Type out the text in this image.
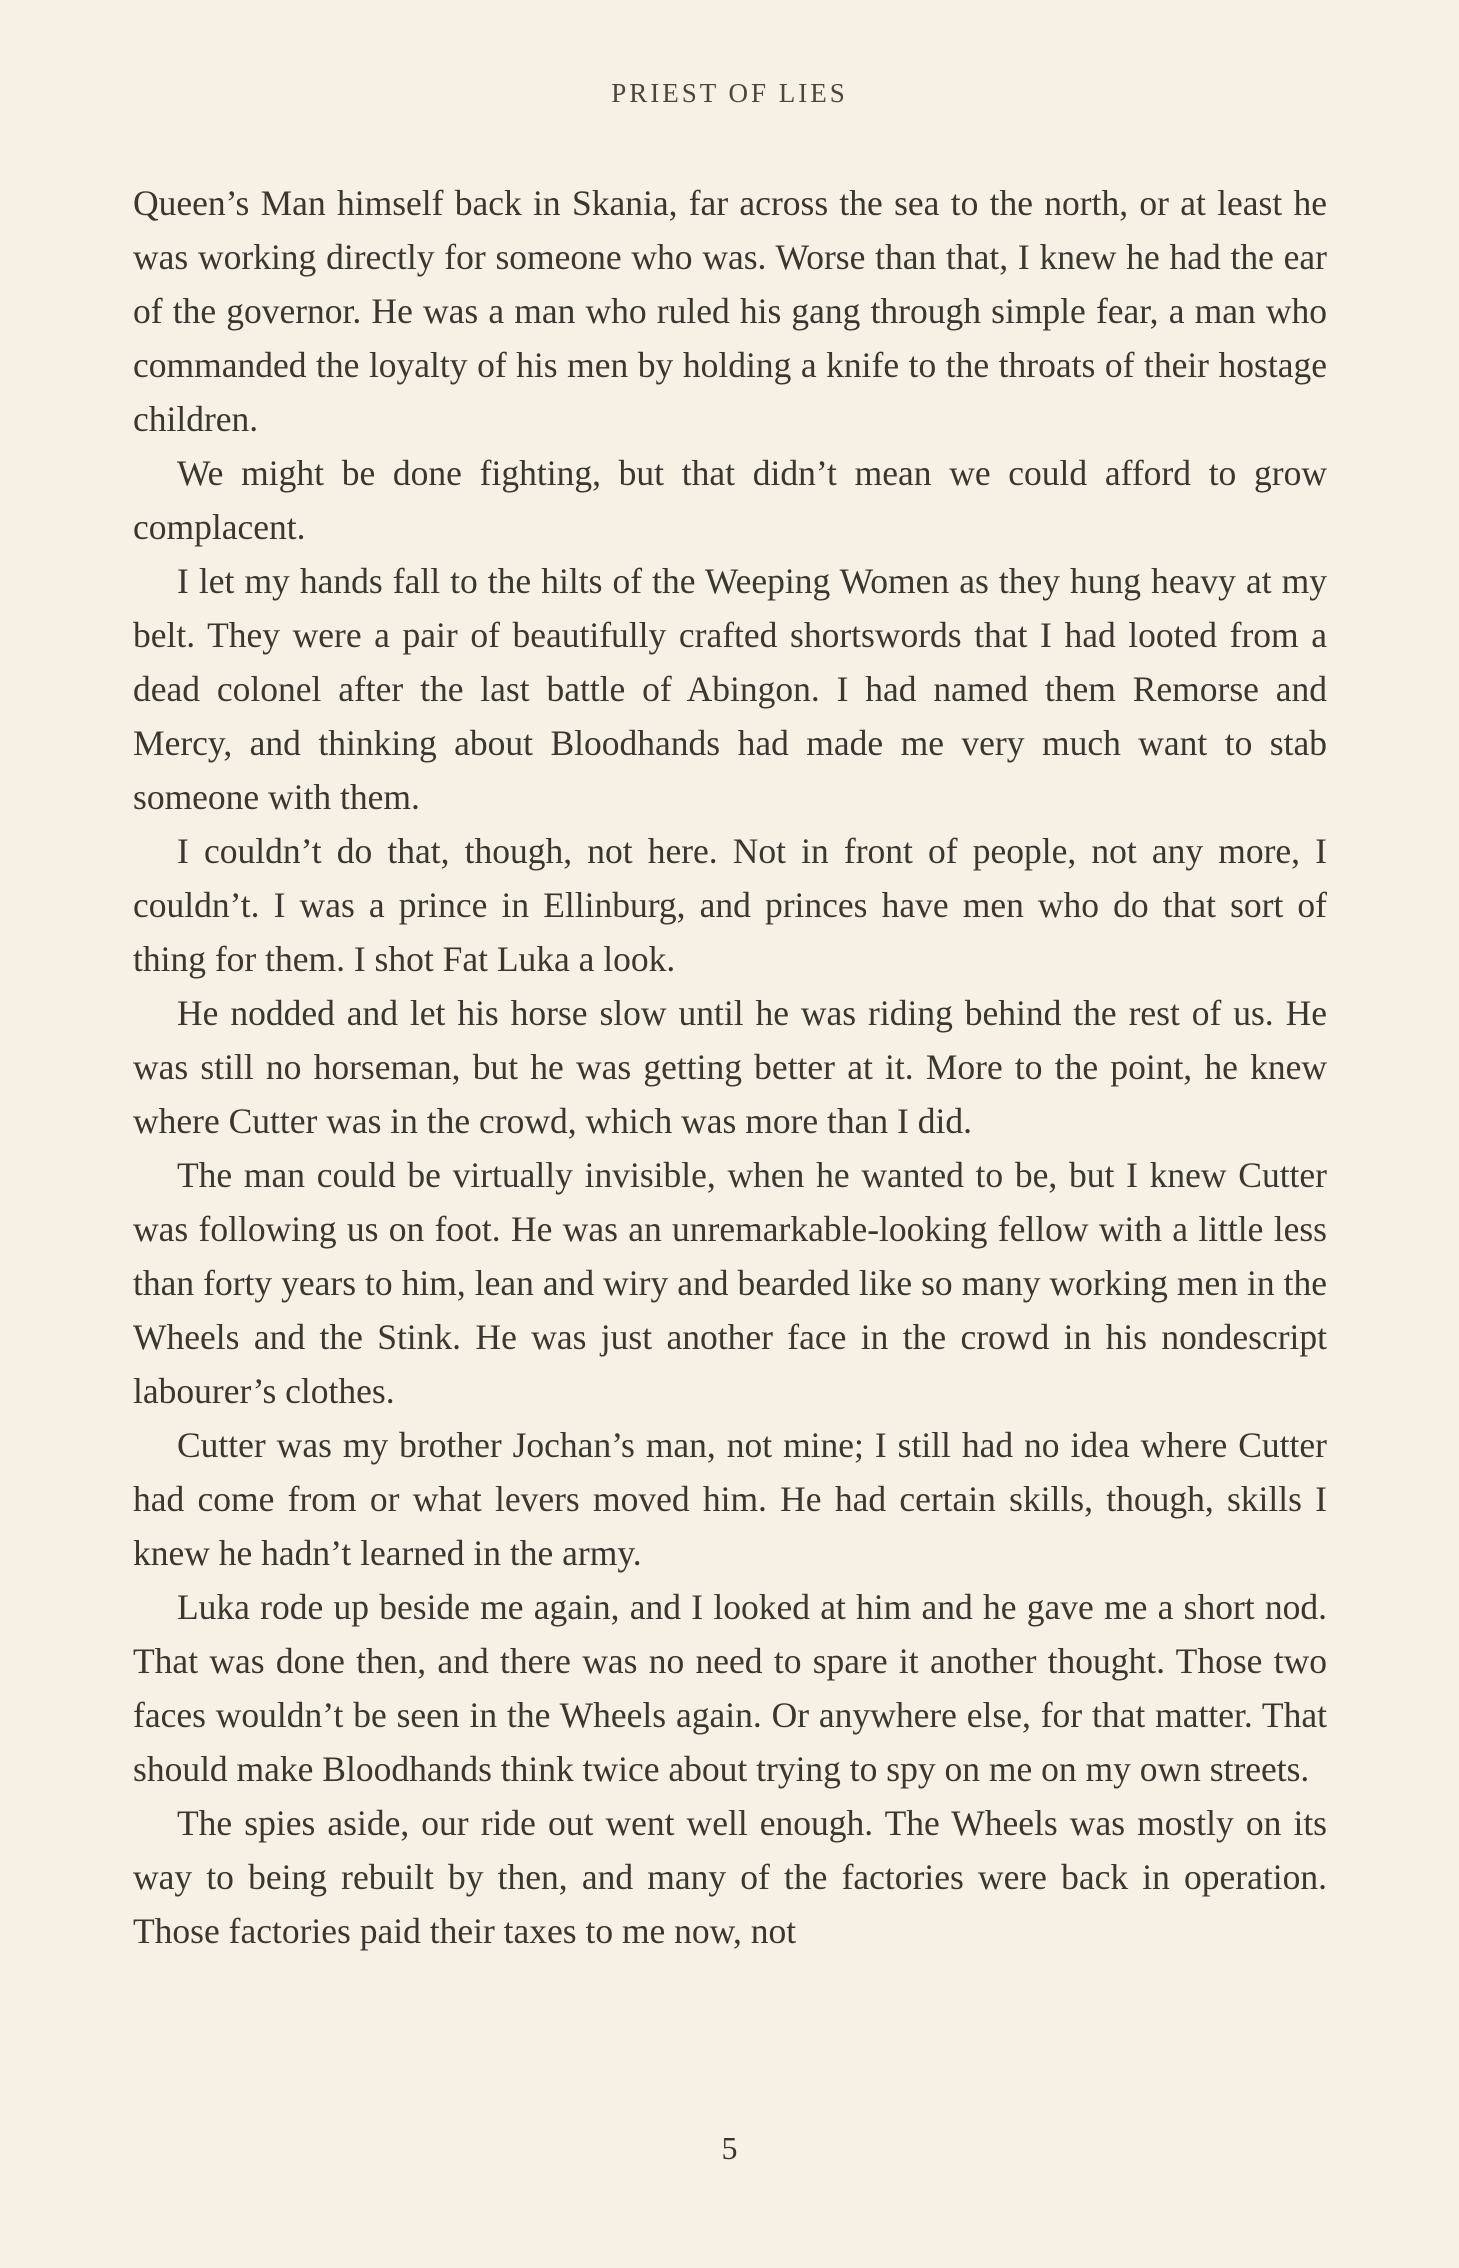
PRIEST OF LIES

Queen’s Man himself back in Skania, far across the sea to the north, or at least he was working directly for someone who was. Worse than that, I knew he had the ear of the governor. He was a man who ruled his gang through simple fear, a man who commanded the loyalty of his men by holding a knife to the throats of their hostage children.

We might be done fighting, but that didn’t mean we could afford to grow complacent.

I let my hands fall to the hilts of the Weeping Women as they hung heavy at my belt. They were a pair of beautifully crafted shortswords that I had looted from a dead colonel after the last battle of Abingon. I had named them Remorse and Mercy, and thinking about Bloodhands had made me very much want to stab someone with them.

I couldn’t do that, though, not here. Not in front of people, not any more, I couldn’t. I was a prince in Ellinburg, and princes have men who do that sort of thing for them. I shot Fat Luka a look.

He nodded and let his horse slow until he was riding behind the rest of us. He was still no horseman, but he was getting better at it. More to the point, he knew where Cutter was in the crowd, which was more than I did.

The man could be virtually invisible, when he wanted to be, but I knew Cutter was following us on foot. He was an unremarkable-looking fellow with a little less than forty years to him, lean and wiry and bearded like so many working men in the Wheels and the Stink. He was just another face in the crowd in his nondescript labourer’s clothes.

Cutter was my brother Jochan’s man, not mine; I still had no idea where Cutter had come from or what levers moved him. He had certain skills, though, skills I knew he hadn’t learned in the army.

Luka rode up beside me again, and I looked at him and he gave me a short nod. That was done then, and there was no need to spare it another thought. Those two faces wouldn’t be seen in the Wheels again. Or anywhere else, for that matter. That should make Bloodhands think twice about trying to spy on me on my own streets.

The spies aside, our ride out went well enough. The Wheels was mostly on its way to being rebuilt by then, and many of the factories were back in operation. Those factories paid their taxes to me now, not

5
